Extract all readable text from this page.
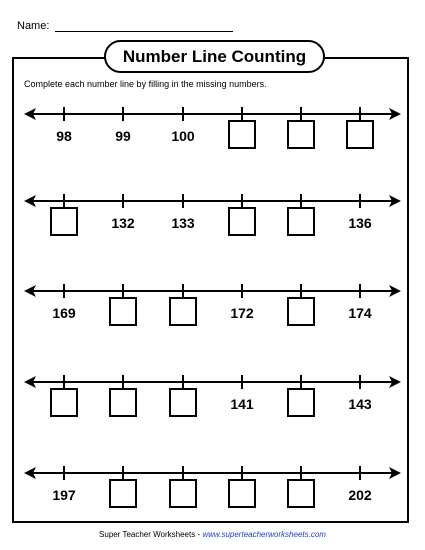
Name:
Number Line Counting
Complete each number line by filling in the missing numbers.
Super Teacher Worksheets - www.superteacherworksheets.com
98	99	100
132	133	136
169	172	174
141	143
197	202
